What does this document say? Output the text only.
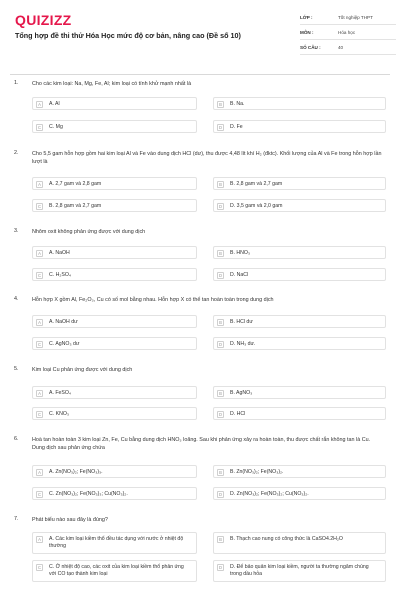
QUIZIZZ
Tổng hợp đề thi thử Hóa Học mức độ cơ bản, nâng cao (Đề số 10)
LỚP :	Tốt nghiệp THPT
MÔN :	Hóa học
SỐ CÂU :	40
1.	Cho các kim loại: Na, Mg, Fe, Al; kim loại có tính khử mạnh nhất là
A	A. Al	B	B. Na.
C	C. Mg	D	D. Fe
2.	Cho 5,5 gam hỗn hợp gồm hai kim loại Al và Fe vào dung dịch HCl (dư), thu được 4,48 lít khí H₂ (đktc). Khối lượng của Al và Fe trong hỗn hợp lần lượt là
A	A. 2,7 gam và 2,8 gam	B	B. 2,8 gam và 2,7 gam
C	B. 2,8 gam và 2,7 gam	D	D. 3,5 gam và 2,0 gam
3.	Nhôm oxit không phản ứng được với dung dịch
A	A. NaOH	B	B. HNO₃
C	C. H₂SO₄	D	D. NaCl
4.	Hỗn hợp X gồm Al, Fe₂O₃, Cu có số mol bằng nhau. Hỗn hợp X có thể tan hoàn toàn trong dung dịch
A	A. NaOH dư	B	B. HCl dư
C	C. AgNO₃ dư	D	D. NH₃ dư.
5.	Kim loại Cu phản ứng được với dung dịch
A	A. FeSO₄	B	B. AgNO₃
C	C. KNO₃	D	D. HCl
6.	Hoà tan hoàn toàn 3 kim loại Zn, Fe, Cu bằng dung dịch HNO₃ loãng. Sau khi phản ứng xảy ra hoàn toàn, thu được chất rắn không tan là Cu. Dung dịch sau phản ứng chứa
A	A. Zn(NO₃)₂; Fe(NO₃)₃.	B	B. Zn(NO₃)₂; Fe(NO₃)₂.
C	C. Zn(NO₃)₂; Fe(NO₃)₃; Cu(NO₃)₂.	D	D. Zn(NO₃)₂; Fe(NO₃)₂; Cu(NO₃)₂.
7.	Phát biểu nào sau đây là đúng?
A	A. Các kim loại kiềm thổ đều tác dụng với nước ở nhiệt độ thường
B	B. Thạch cao nung có công thức là CaSO4.2H₂O
C	C. Ở nhiệt độ cao, các oxit của kim loại kiềm thổ phản ứng với CO tạo thành kim loại
D	D. Để bảo quản kim loại kiềm, người ta thường ngâm chúng trong dầu hỏa
